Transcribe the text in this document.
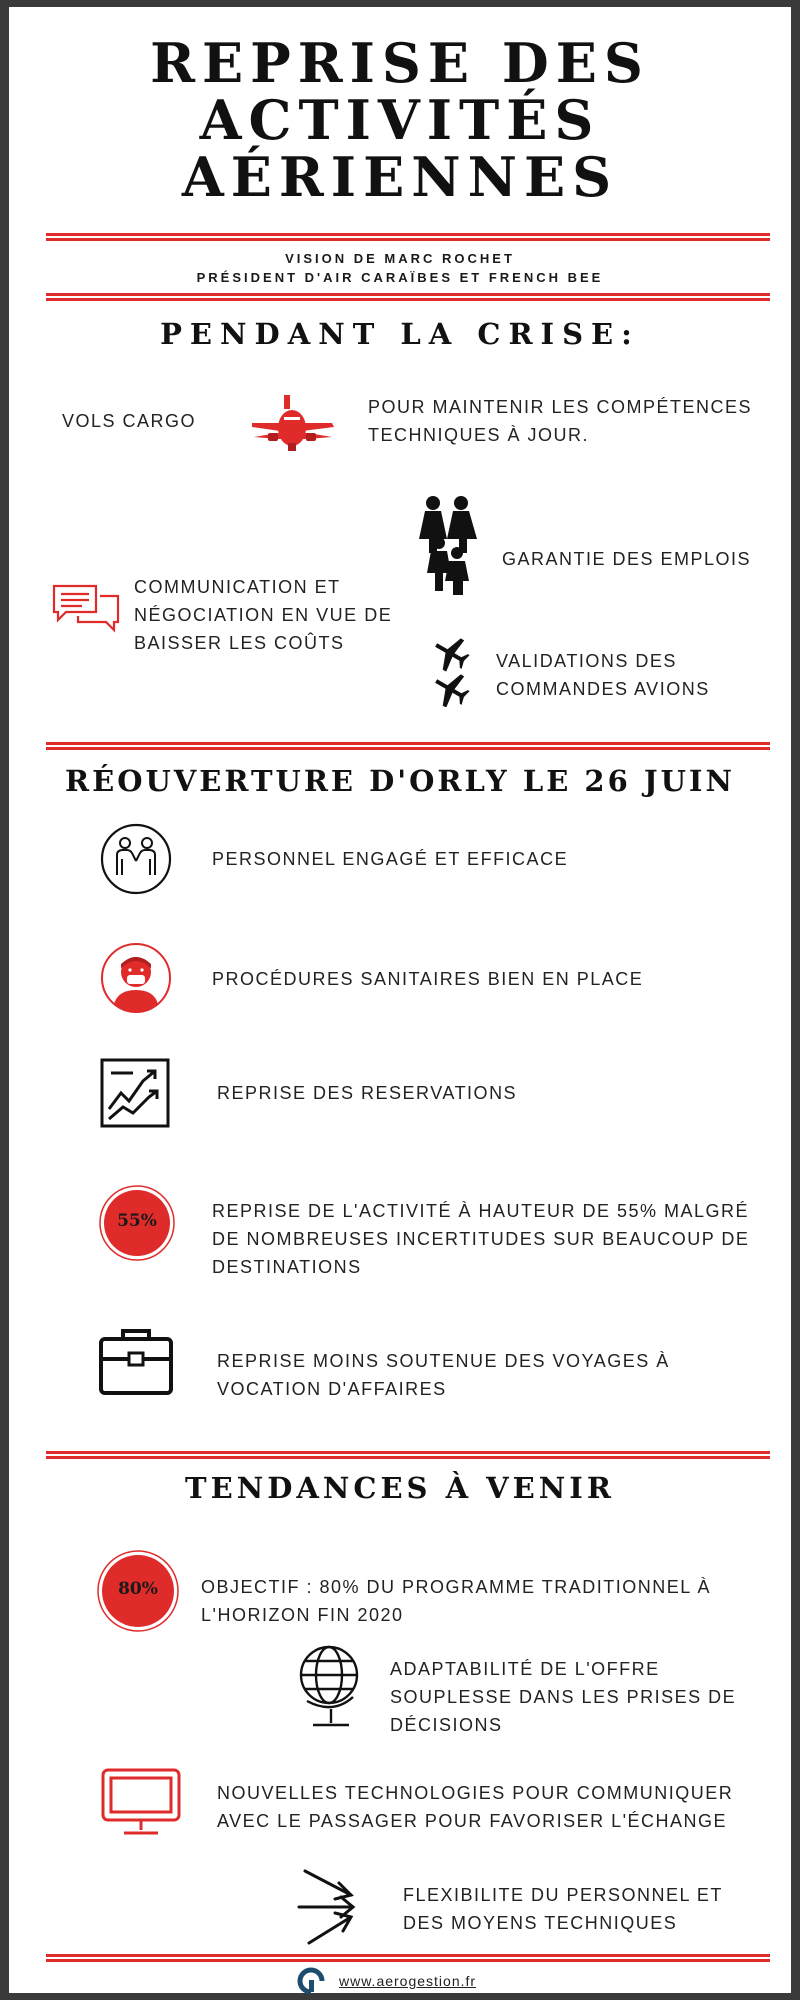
REPRISE DES
ACTIVITÉS
AÉRIENNES
VISION DE MARC ROCHET
PRÉSIDENT D'AIR CARAÏBES ET FRENCH BEE
PENDANT LA CRISE:
VOLS CARGO
POUR MAINTENIR LES COMPÉTENCES
TECHNIQUES À JOUR.
GARANTIE DES EMPLOIS
COMMUNICATION ET
NÉGOCIATION EN VUE DE
BAISSER LES COÛTS
VALIDATIONS DES
COMMANDES AVIONS
RÉOUVERTURE D'ORLY LE 26 JUIN
PERSONNEL ENGAGÉ ET EFFICACE
PROCÉDURES SANITAIRES BIEN EN PLACE
REPRISE DES RESERVATIONS
55%	REPRISE DE L'ACTIVITÉ À HAUTEUR DE 55% MALGRÉ
DE NOMBREUSES INCERTITUDES SUR BEAUCOUP DE
DESTINATIONS
REPRISE MOINS SOUTENUE DES VOYAGES À
VOCATION D'AFFAIRES
TENDANCES À VENIR
80%	OBJECTIF : 80% DU PROGRAMME TRADITIONNEL À
L'HORIZON FIN 2020
ADAPTABILITÉ DE L'OFFRE
SOUPLESSE DANS LES PRISES DE
DÉCISIONS
NOUVELLES TECHNOLOGIES POUR COMMUNIQUER
AVEC LE PASSAGER POUR FAVORISER L'ÉCHANGE
FLEXIBILITE DU PERSONNEL ET
DES MOYENS TECHNIQUES
www.aerogestion.fr
